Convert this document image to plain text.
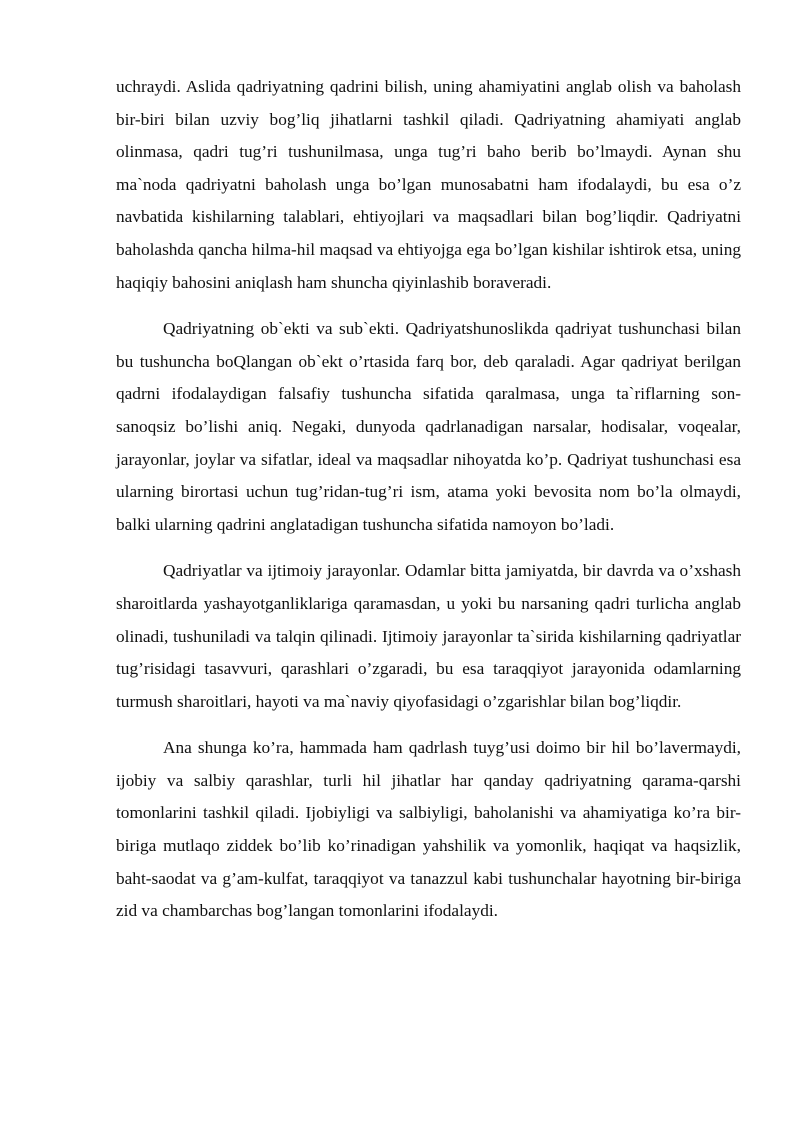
uchraydi. Aslida qadriyatning qadrini bilish, uning ahamiyatini anglab olish va baholash bir-biri bilan uzviy bog’liq jihatlarni tashkil qiladi. Qadriyatning ahamiyati anglab olinmasa, qadri tug’ri tushunilmasa, unga tug’ri baho berib bo’lmaydi. Aynan shu ma`noda qadriyatni baholash unga bo’lgan munosabatni ham ifodalaydi, bu esa o’z navbatida kishilarning talablari, ehtiyojlari va maqsadlari bilan bog’liqdir. Qadriyatni baholashda qancha hilma-hil maqsad va ehtiyojga ega bo’lgan kishilar ishtirok etsa, uning haqiqiy bahosini aniqlash ham shuncha qiyinlashib boraveradi.

Qadriyatning ob`ekti va sub`ekti. Qadriyatshunoslikda qadriyat tushunchasi bilan bu tushuncha boQlangan ob`ekt o’rtasida farq bor, deb qaraladi. Agar qadriyat berilgan qadrni ifodalaydigan falsafiy tushuncha sifatida qaralmasa, unga ta`riflarning son-sanoqsiz bo’lishi aniq. Negaki, dunyoda qadrlanadigan narsalar, hodisalar, voqealar, jarayonlar, joylar va sifatlar, ideal va maqsadlar nihoyatda ko’p. Qadriyat tushunchasi esa ularning birortasi uchun tug’ridan-tug’ri ism, atama yoki bevosita nom bo’la olmaydi, balki ularning qadrini anglatadigan tushuncha sifatida namoyon bo’ladi.

Qadriyatlar va ijtimoiy jarayonlar. Odamlar bitta jamiyatda, bir davrda va o’xshash sharoitlarda yashayotganliklariga qaramasdan, u yoki bu narsaning qadri turlicha anglab olinadi, tushuniladi va talqin qilinadi. Ijtimoiy jarayonlar ta`sirida kishilarning qadriyatlar tug’risidagi tasavvuri, qarashlari o’zgaradi, bu esa taraqqiyot jarayonida odamlarning turmush sharoitlari, hayoti va ma`naviy qiyofasidagi o’zgarishlar bilan bog’liqdir.

Ana shunga ko’ra, hammada ham qadrlash tuyg’usi doimo bir hil bo’lavermaydi, ijobiy va salbiy qarashlar, turli hil jihatlar har qanday qadriyatning qarama-qarshi tomonlarini tashkil qiladi. Ijobiyligi va salbiyligi, baholanishi va ahamiyatiga ko’ra bir-biriga mutlaqo ziddek bo’lib ko’rinadigan yahshilik va yomonlik, haqiqat va haqsizlik, baht-saodat va g’am-kulfat, taraqqiyot va tanazzul kabi tushunchalar hayotning bir-biriga zid va chambarchas bog’langan tomonlarini ifodalaydi.
